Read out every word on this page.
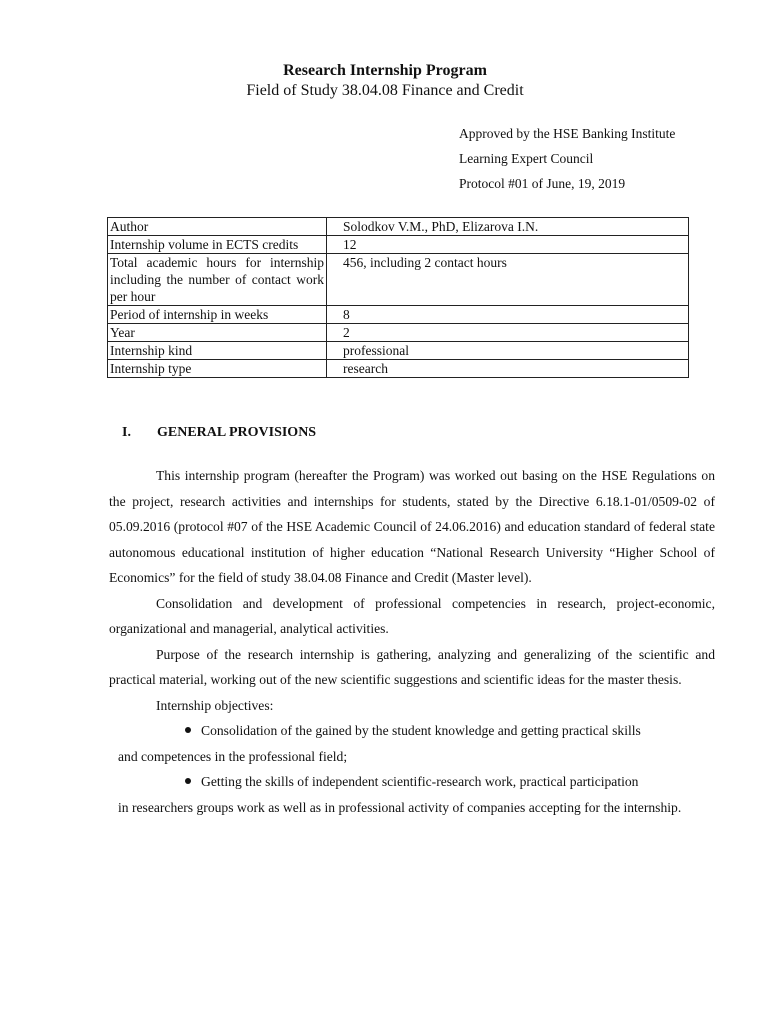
Research Internship Program
Field of Study 38.04.08 Finance and Credit
Approved by the HSE Banking Institute
Learning Expert Council
Protocol #01 of June, 19, 2019
Author	Solodkov V.M., PhD, Elizarova I.N.
Internship volume in ECTS credits	12
Total academic hours for internship including the number of contact work per hour	456, including 2 contact hours
Period of internship in weeks	8
Year	2
Internship kind	professional
Internship type	research
I. GENERAL PROVISIONS

This internship program (hereafter the Program) was worked out basing on the HSE Regulations on the project, research activities and internships for students, stated by the Directive 6.18.1-01/0509-02 of 05.09.2016 (protocol #07 of the HSE Academic Council of 24.06.2016) and education standard of federal state autonomous educational institution of higher education “National Research University “Higher School of Economics” for the field of study 38.04.08 Finance and Credit (Master level).

Consolidation and development of professional competencies in research, project-economic, organizational and managerial, analytical activities.

Purpose of the research internship is gathering, analyzing and generalizing of the scientific and practical material, working out of the new scientific suggestions and scientific ideas for the master thesis.

Internship objectives:

Consolidation of the gained by the student knowledge and getting practical skills
and competences in the professional field;

Getting the skills of independent scientific-research work, practical participation
in researchers groups work as well as in professional activity of companies accepting for the internship.
